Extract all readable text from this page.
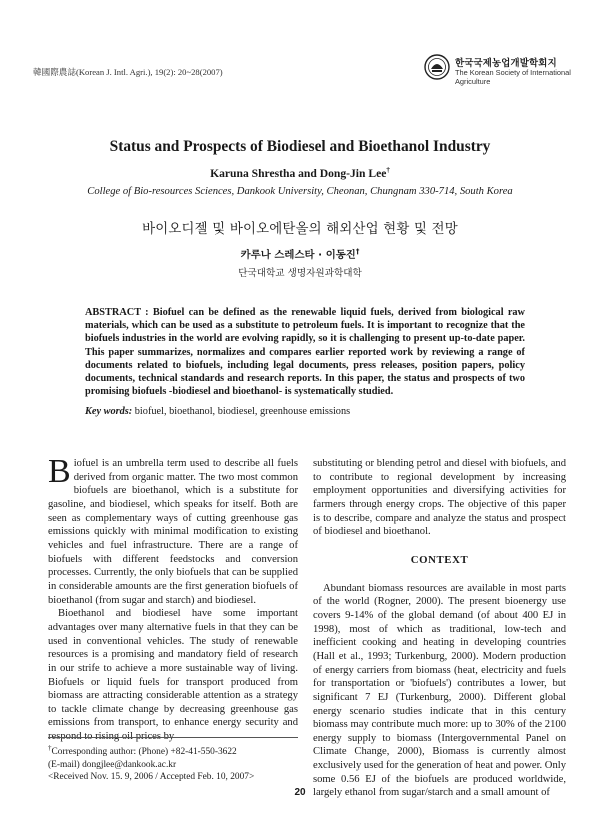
韓國際農誌(Korean J. Intl. Agri.), 19(2): 20~28(2007)
한국국제농업개발학회지
The Korean Society of International Agriculture
Status and Prospects of Biodiesel and Bioethanol Industry
Karuna Shrestha and Dong-Jin Lee†
College of Bio-resources Sciences, Dankook University, Cheonan, Chungnam 330-714, South Korea
바이오디젤 및 바이오에탄올의 해외산업 현황 및 전망
카루나 스레스타 · 이동진†
단국대학교 생명자원과학대학
ABSTRACT : Biofuel can be defined as the renewable liquid fuels, derived from biological raw materials, which can be used as a substitute to petroleum fuels. It is important to recognize that the biofuels industries in the world are evolving rapidly, so it is challenging to present up-to-date paper. This paper summarizes, normalizes and compares earlier reported work by reviewing a range of documents related to biofuels, including legal documents, press releases, position papers, policy documents, technical standards and research reports. In this paper, the status and prospects of two promising biofuels -biodiesel and bioethanol- is systematically studied.
Key words: biofuel, bioethanol, biodiesel, greenhouse emissions

Biofuel is an umbrella term used to describe all fuels derived from organic matter. The two most common biofuels are bioethanol, which is a substitute for gasoline, and biodiesel, which speaks for itself. Both are seen as complementary ways of cutting greenhouse gas emissions quickly with minimal modification to existing vehicles and fuel infrastructure. There are a range of biofuels with different feedstocks and conversion processes. Currently, the only biofuels that can be supplied in considerable amounts are the first generation biofuels of bioethanol (from sugar and starch) and biodiesel.

Bioethanol and biodiesel have some important advantages over many alternative fuels in that they can be used in conventional vehicles. The study of renewable resources is a promising and mandatory field of research in our strife to achieve a more sustainable way of living. Biofuels or liquid fuels for transport produced from biomass are attracting considerable attention as a strategy to tackle climate change by decreasing greenhouse gas emissions from transport, to enhance energy security and respond to rising oil prices by

substituting or blending petrol and diesel with biofuels, and to contribute to regional development by increasing employment opportunities and diversifying activities for farmers through energy crops. The objective of this paper is to describe, compare and analyze the status and prospect of biodiesel and bioethanol.

CONTEXT

Abundant biomass resources are available in most parts of the world (Rogner, 2000). The present bioenergy use covers 9-14% of the global demand (of about 400 EJ in 1998), most of which as traditional, low-tech and inefficient cooking and heating in developing countries (Hall et al., 1993; Turkenburg, 2000). Modern production of energy carriers from biomass (heat, electricity and fuels for transportation or 'biofuels') contributes a lower, but significant 7 EJ (Turkenburg, 2000). Different global energy scenario studies indicate that in this century biomass may contribute much more: up to 30% of the 2100 energy supply to biomass (Intergovernmental Panel on Climate Change, 2000), Biomass is currently almost exclusively used for the generation of heat and power. Only some 0.56 EJ of the biofuels are produced worldwide, largely ethanol from sugar/starch and a small amount of

†Corresponding author: (Phone) +82-41-550-3622
(E-mail) dongjlee@dankook.ac.kr
<Received Nov. 15. 9, 2006 / Accepted Feb. 10, 2007>
20
